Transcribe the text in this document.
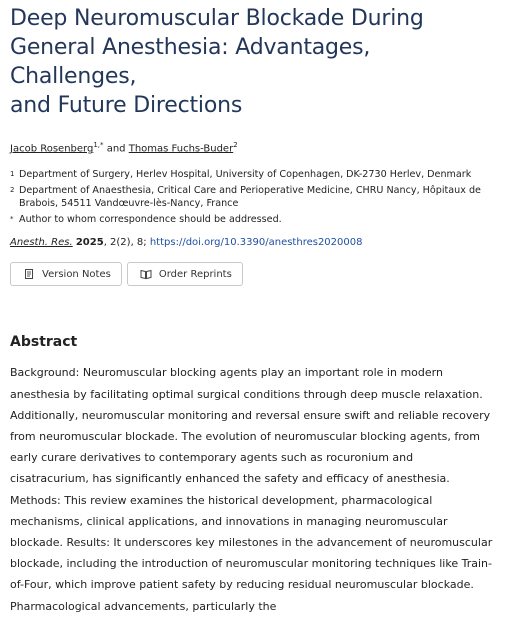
Deep Neuromuscular Blockade During
General Anesthesia: Advantages, Challenges,
and Future Directions
Jacob Rosenberg$^{1,*}$ and Thomas Fuchs-Buder$^2$
1 Department of Surgery, Herlev Hospital, University of Copenhagen, DK-2730 Herlev, Denmark
2 Department of Anaesthesia, Critical Care and Perioperative Medicine, CHRU Nancy, Hôpitaux de
Brabois, 54511 Vandœuvre-lès-Nancy, France
* Author to whom correspondence should be addressed.
Anesth. Res. 2025, 2(2), 8; https://doi.org/10.3390/anesthres2020008
Version Notes	Order Reprints
Abstract

Background: Neuromuscular blocking agents play an important role in modern anesthesia by facilitating optimal surgical conditions through deep muscle relaxation. Additionally, neuromuscular monitoring and reversal ensure swift and reliable recovery from neuromuscular blockade. The evolution of neuromuscular blocking agents, from early curare derivatives to contemporary agents such as rocuronium and cisatracurium, has significantly enhanced the safety and efficacy of anesthesia. Methods: This review examines the historical development, pharmacological mechanisms, clinical applications, and innovations in managing neuromuscular blockade. Results: It underscores key milestones in the advancement of neuromuscular blockade, including the introduction of neuromuscular monitoring techniques like Train-of-Four, which improve patient safety by reducing residual neuromuscular blockade. Pharmacological advancements, particularly the
